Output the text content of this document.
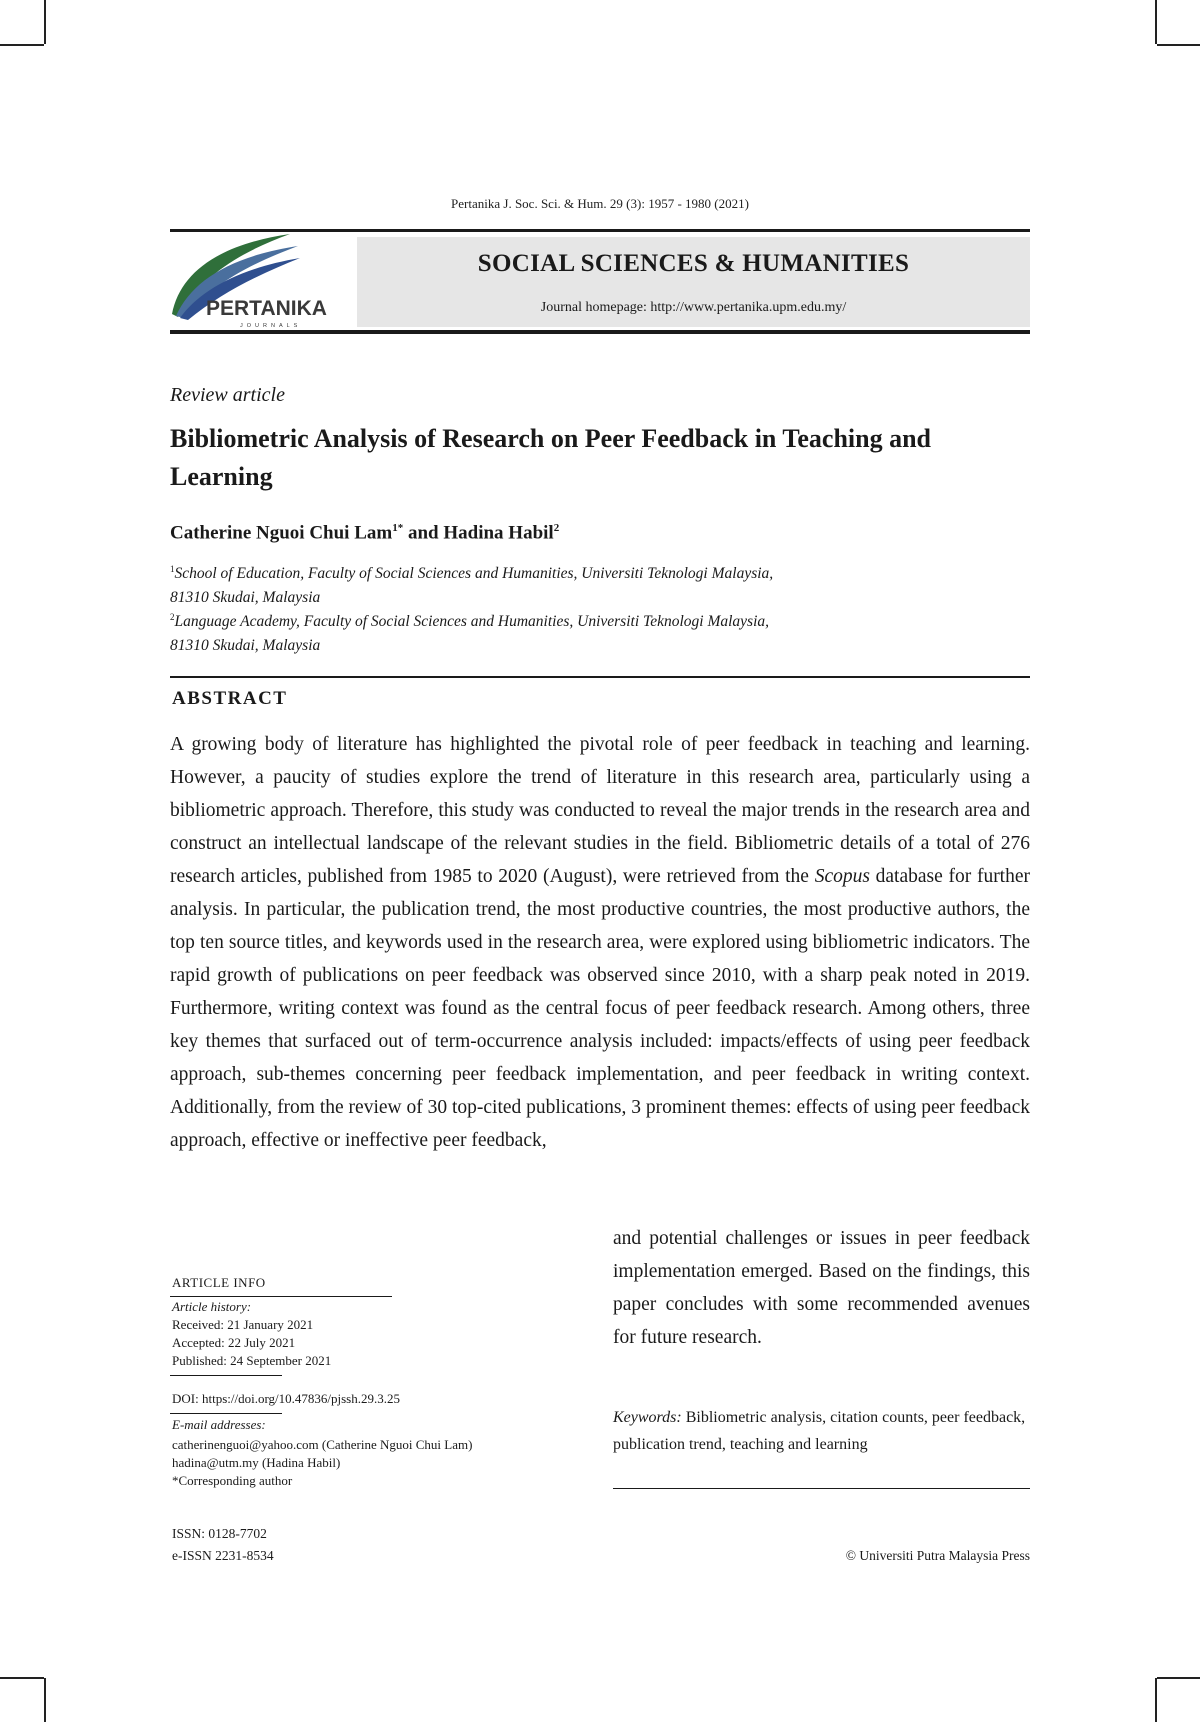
Pertanika J. Soc. Sci. & Hum. 29 (3): 1957 - 1980 (2021)
SOCIAL SCIENCES & HUMANITIES
Journal homepage: http://www.pertanika.upm.edu.my/
PERTANIKA
JOURNALS
Review article
Bibliometric Analysis of Research on Peer Feedback in Teaching and Learning
Catherine Nguoi Chui Lam$^{1*}$ and Hadina Habil$^2$
$^1$School of Education, Faculty of Social Sciences and Humanities, Universiti Teknologi Malaysia,
81310 Skudai, Malaysia
$^2$Language Academy, Faculty of Social Sciences and Humanities, Universiti Teknologi Malaysia,
81310 Skudai, Malaysia
ABSTRACT
A growing body of literature has highlighted the pivotal role of peer feedback in teaching and learning. However, a paucity of studies explore the trend of literature in this research area, particularly using a bibliometric approach. Therefore, this study was conducted to reveal the major trends in the research area and construct an intellectual landscape of the relevant studies in the field. Bibliometric details of a total of 276 research articles, published from 1985 to 2020 (August), were retrieved from the Scopus database for further analysis. In particular, the publication trend, the most productive countries, the most productive authors, the top ten source titles, and keywords used in the research area, were explored using bibliometric indicators. The rapid growth of publications on peer feedback was observed since 2010, with a sharp peak noted in 2019. Furthermore, writing context was found as the central focus of peer feedback research. Among others, three key themes that surfaced out of term-occurrence analysis included: impacts/effects of using peer feedback approach, sub-themes concerning peer feedback implementation, and peer feedback in writing context. Additionally, from the review of 30 top-cited publications, 3 prominent themes: effects of using peer feedback approach, effective or ineffective peer feedback,
and potential challenges or issues in peer feedback implementation emerged. Based on the findings, this paper concludes with some recommended avenues for future research.
Keywords: Bibliometric analysis, citation counts, peer feedback, publication trend, teaching and learning
ARTICLE INFO
Article history:
Received: 21 January 2021
Accepted: 22 July 2021
Published: 24 September 2021
DOI: https://doi.org/10.47836/pjssh.29.3.25
E-mail addresses:
catherinenguoi@yahoo.com (Catherine Nguoi Chui Lam)
hadina@utm.my (Hadina Habil)
*Corresponding author
ISSN: 0128-7702
e-ISSN 2231-8534	© Universiti Putra Malaysia Press
